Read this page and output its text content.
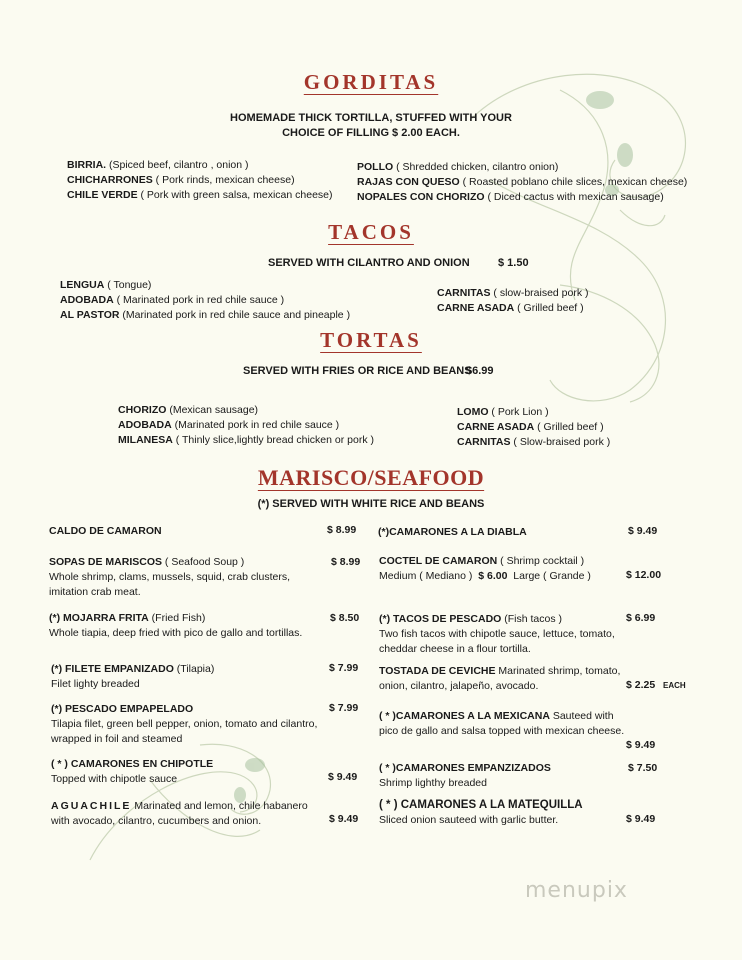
GORDITAS
HOMEMADE THICK TORTILLA, STUFFED WITH YOUR
CHOICE OF FILLING $ 2.00 EACH.
BIRRIA. (Spiced beef, cilantro , onion )
CHICHARRONES ( Pork rinds, mexican cheese)
CHILE VERDE ( Pork with green salsa, mexican cheese)
POLLO ( Shredded chicken, cilantro onion)
RAJAS CON QUESO ( Roasted poblano chile slices, mexican cheese)
NOPALES CON CHORIZO ( Diced cactus with mexican sausage)
TACOS
SERVED WITH CILANTRO AND ONION	$ 1.50
LENGUA ( Tongue)
ADOBADA ( Marinated pork in red chile sauce )
AL PASTOR (Marinated pork in red chile sauce and pineaple )
CARNITAS ( slow-braised pork )
CARNE ASADA ( Grilled beef )
TORTAS
SERVED WITH FRIES OR RICE AND BEANS
$6.99
CHORIZO (Mexican sausage)
ADOBADA (Marinated pork in red chile sauce )
MILANESA ( Thinly slice,lightly bread chicken or pork )
LOMO ( Pork Lion )
CARNE ASADA ( Grilled beef )
CARNITAS ( Slow-braised pork )
MARISCO/SEAFOOD
(*) SERVED WITH WHITE RICE AND BEANS
CALDO DE CAMARON	$ 8.99
SOPAS DE MARISCOS ( Seafood Soup )
Whole shrimp, clams, mussels, squid, crab clusters,
imitation crab meat.
$ 8.99
(*) MOJARRA FRITA (Fried Fish)
Whole tiapia, deep fried with pico de gallo and tortillas.
$ 8.50
(*) FILETE EMPANIZADO (Tilapia)
Filet lighty breaded
$ 7.99
(*) PESCADO EMPAPELADO
Tilapia filet, green bell pepper, onion, tomato and cilantro,
wrapped in foil and steamed
$ 7.99
( * ) CAMARONES EN CHIPOTLE
Topped with chipotle sauce	$ 9.49
AGUACHILE Marinated and lemon, chile habanero
with avocado, cilantro, cucumbers and onion.	$ 9.49
(*)CAMARONES A LA DIABLA	$ 9.49
COCTEL DE CAMARON ( Shrimp cocktail )
Medium ( Mediano ) $ 6.00 Large ( Grande )	$ 12.00
(*) TACOS DE PESCADO (Fish tacos )
Two fish tacos with chipotle sauce, lettuce, tomato,
cheddar cheese in a flour tortilla.
$ 6.99
TOSTADA DE CEVICHE Marinated shrimp, tomato,
onion, cilantro, jalapeño, avocado.	$ 2.25 EACH
( * )CAMARONES A LA MEXICANA Sauteed with
pico de gallo and salsa topped with mexican cheese.
$ 9.49
( * )CAMARONES EMPANZIZADOS
Shrimp lighthy breaded
$ 7.50
( * ) CAMARONES A LA MATEQUILLA
Sliced onion sauteed with garlic butter.	$ 9.49
menupix
